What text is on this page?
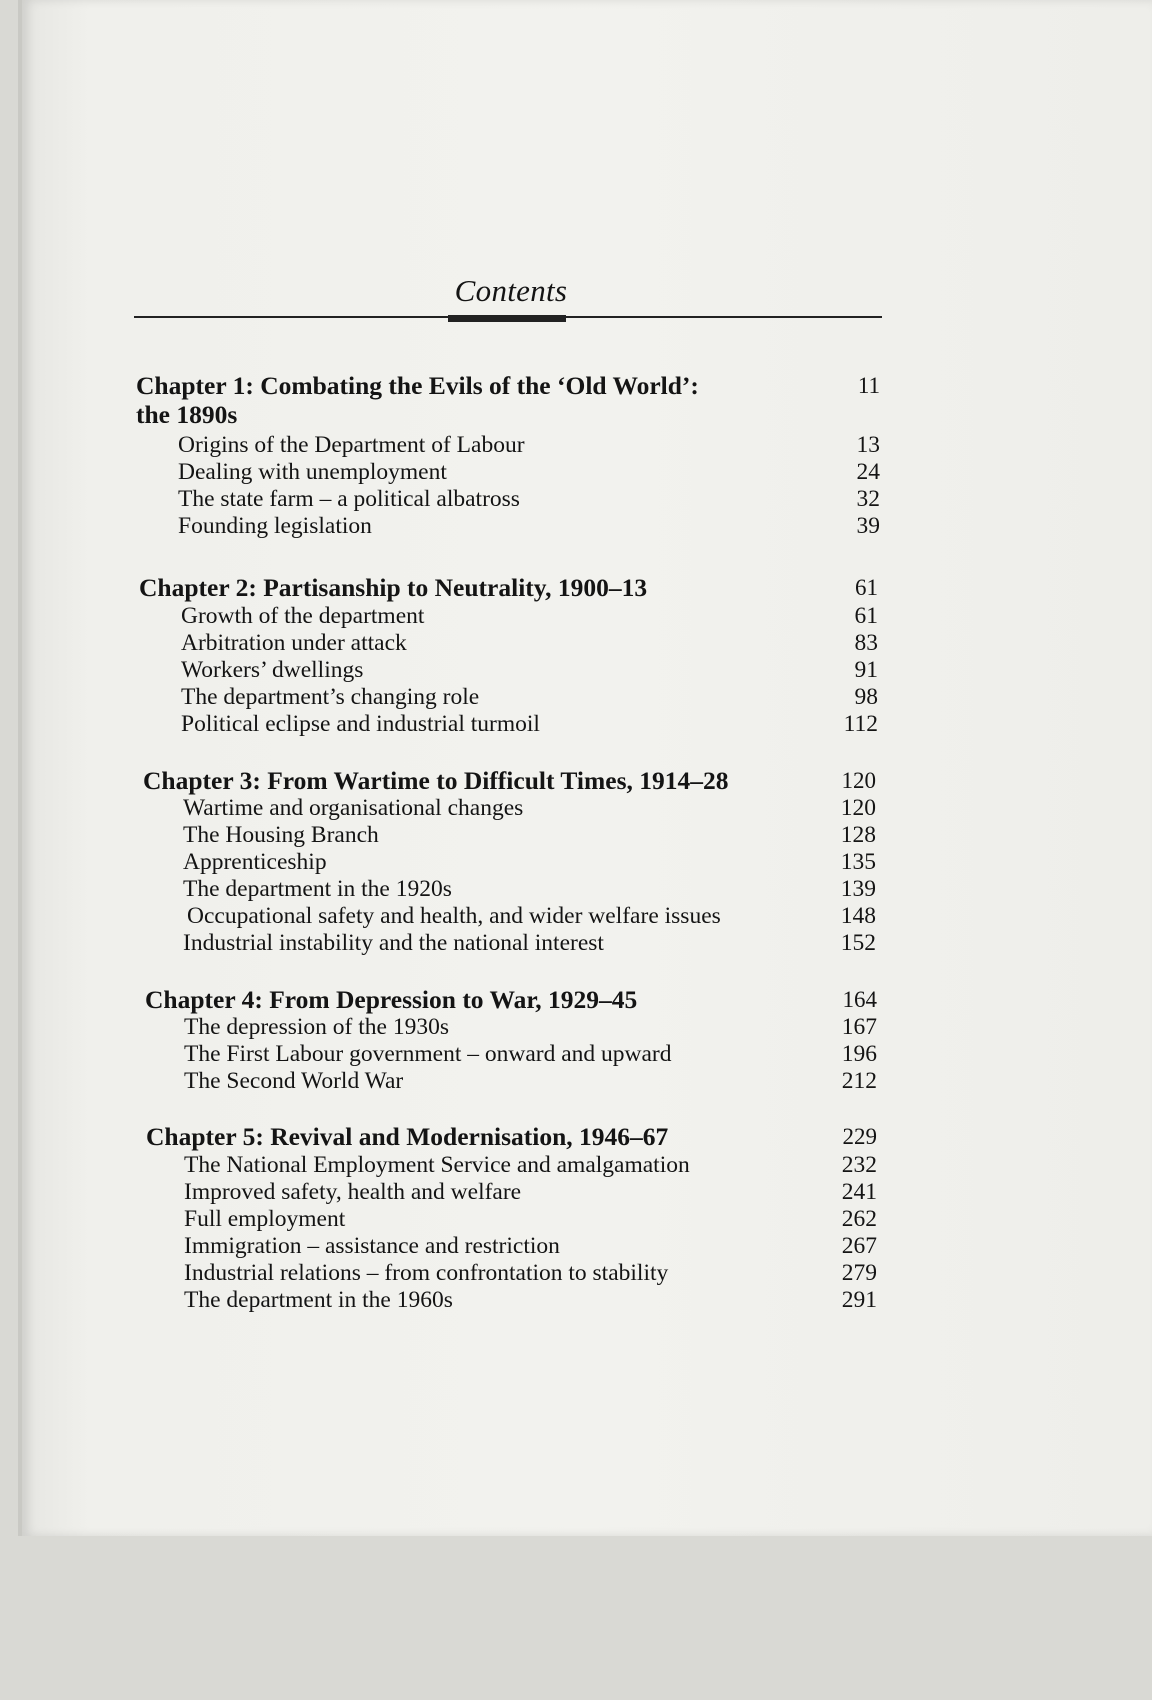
Contents
Chapter 1: Combating the Evils of the ‘Old World’:
the 1890s
11
Origins of the Department of Labour	13
Dealing with unemployment	24
The state farm – a political albatross	32
Founding legislation	39
Chapter 2: Partisanship to Neutrality, 1900–13	61
Growth of the department	61
Arbitration under attack	83
Workers’ dwellings	91
The department’s changing role	98
Political eclipse and industrial turmoil	112
Chapter 3: From Wartime to Difficult Times, 1914–28	120
Wartime and organisational changes	120
The Housing Branch	128
Apprenticeship	135
The department in the 1920s	139
Occupational safety and health, and wider welfare issues	148
Industrial instability and the national interest	152
Chapter 4: From Depression to War, 1929–45	164
The depression of the 1930s	167
The First Labour government – onward and upward	196
The Second World War	212
Chapter 5: Revival and Modernisation, 1946–67	229
The National Employment Service and amalgamation	232
Improved safety, health and welfare	241
Full employment	262
Immigration – assistance and restriction	267
Industrial relations – from confrontation to stability	279
The department in the 1960s	291
